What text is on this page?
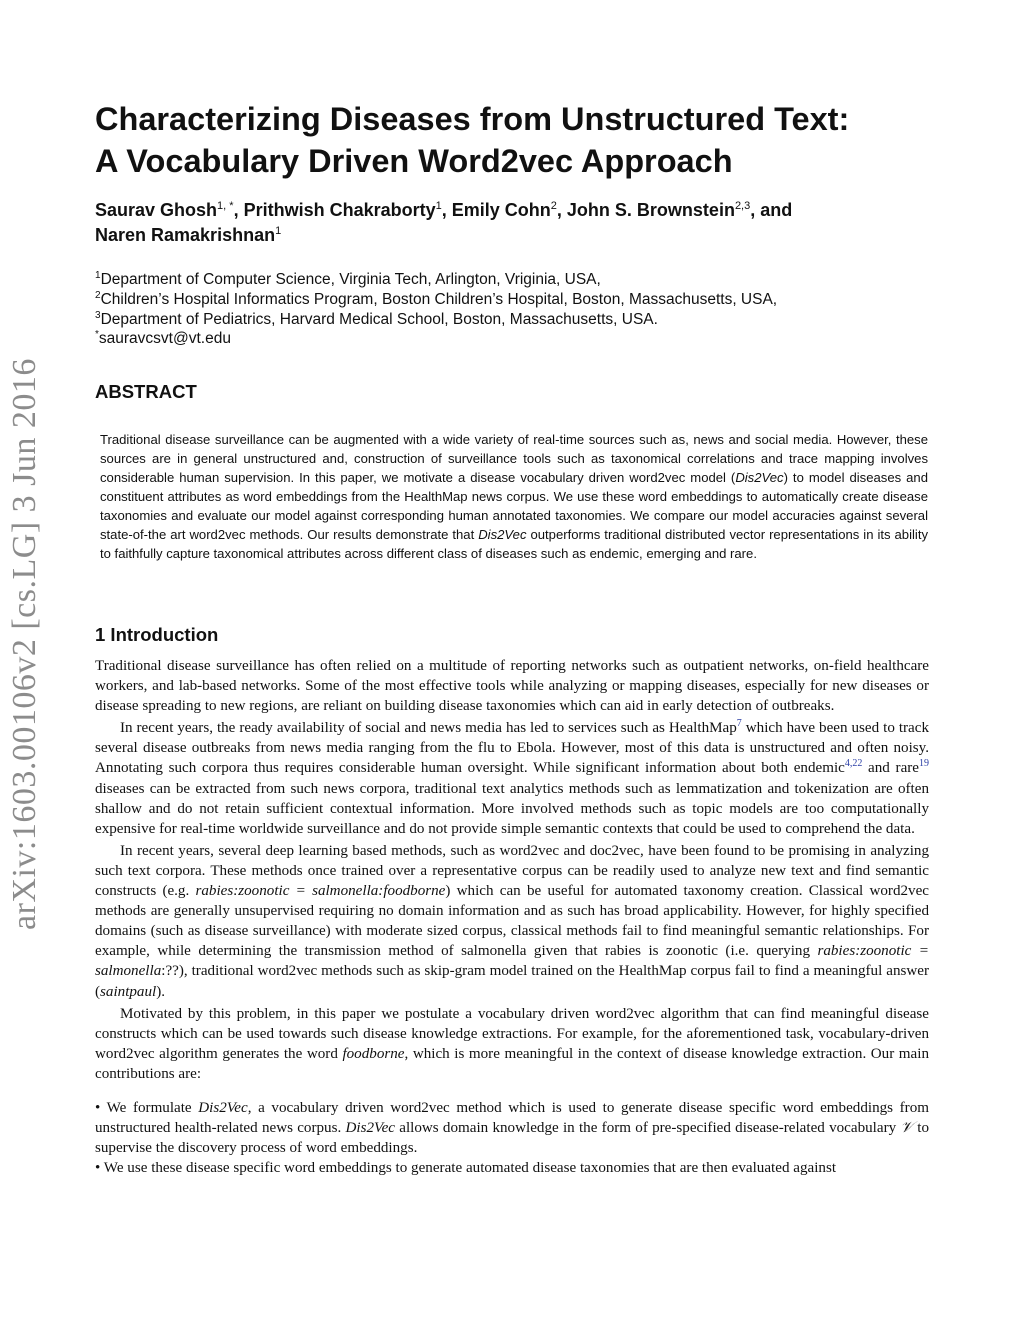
arXiv:1603.00106v2 [cs.LG] 3 Jun 2016
Characterizing Diseases from Unstructured Text:
A Vocabulary Driven Word2vec Approach
Saurav Ghosh$^{1, *}$, Prithwish Chakraborty$^1$, Emily Cohn$^2$, John S. Brownstein$^{2,3}$, and
Naren Ramakrishnan$^1$
$^1$Department of Computer Science, Virginia Tech, Arlington, Vriginia, USA,
$^2$Children’s Hospital Informatics Program, Boston Children’s Hospital, Boston, Massachusetts, USA,
$^3$Department of Pediatrics, Harvard Medical School, Boston, Massachusetts, USA.
*sauravcsvt@vt.edu
ABSTRACT

Traditional disease surveillance can be augmented with a wide variety of real-time sources such as, news and social media. However, these sources are in general unstructured and, construction of surveillance tools such as taxonomical correlations and trace mapping involves considerable human supervision. In this paper, we motivate a disease vocabulary driven word2vec model (Dis2Vec) to model diseases and constituent attributes as word embeddings from the HealthMap news corpus. We use these word embeddings to automatically create disease taxonomies and evaluate our model against corresponding human annotated taxonomies. We compare our model accuracies against several state-of-the art word2vec methods. Our results demonstrate that Dis2Vec outperforms traditional distributed vector representations in its ability to faithfully capture taxonomical attributes across different class of diseases such as endemic, emerging and rare.

1 Introduction

Traditional disease surveillance has often relied on a multitude of reporting networks such as outpatient networks, on-field healthcare workers, and lab-based networks. Some of the most effective tools while analyzing or mapping diseases, especially for new diseases or disease spreading to new regions, are reliant on building disease taxonomies which can aid in early detection of outbreaks.

In recent years, the ready availability of social and news media has led to services such as HealthMap$^7$ which have been used to track several disease outbreaks from news media ranging from the flu to Ebola. However, most of this data is unstructured and often noisy. Annotating such corpora thus requires considerable human oversight. While significant information about both endemic$^{4,22}$ and rare$^{19}$ diseases can be extracted from such news corpora, traditional text analytics methods such as lemmatization and tokenization are often shallow and do not retain sufficient contextual information. More involved methods such as topic models are too computationally expensive for real-time worldwide surveillance and do not provide simple semantic contexts that could be used to comprehend the data.

In recent years, several deep learning based methods, such as word2vec and doc2vec, have been found to be promising in analyzing such text corpora. These methods once trained over a representative corpus can be readily used to analyze new text and find semantic constructs (e.g. rabies:zoonotic = salmonella:foodborne) which can be useful for automated taxonomy creation. Classical word2vec methods are generally unsupervised requiring no domain information and as such has broad applicability. However, for highly specified domains (such as disease surveillance) with moderate sized corpus, classical methods fail to find meaningful semantic relationships. For example, while determining the transmission method of salmonella given that rabies is zoonotic (i.e. querying rabies:zoonotic = salmonella:??), traditional word2vec methods such as skip-gram model trained on the HealthMap corpus fail to find a meaningful answer (saintpaul).

Motivated by this problem, in this paper we postulate a vocabulary driven word2vec algorithm that can find meaningful disease constructs which can be used towards such disease knowledge extractions. For example, for the aforementioned task, vocabulary-driven word2vec algorithm generates the word foodborne, which is more meaningful in the context of disease knowledge extraction. Our main contributions are:

• We formulate Dis2Vec, a vocabulary driven word2vec method which is used to generate disease specific word embeddings from unstructured health-related news corpus. Dis2Vec allows domain knowledge in the form of pre-specified disease-related vocabulary 𝒱 to supervise the discovery process of word embeddings.

• We use these disease specific word embeddings to generate automated disease taxonomies that are then evaluated against
